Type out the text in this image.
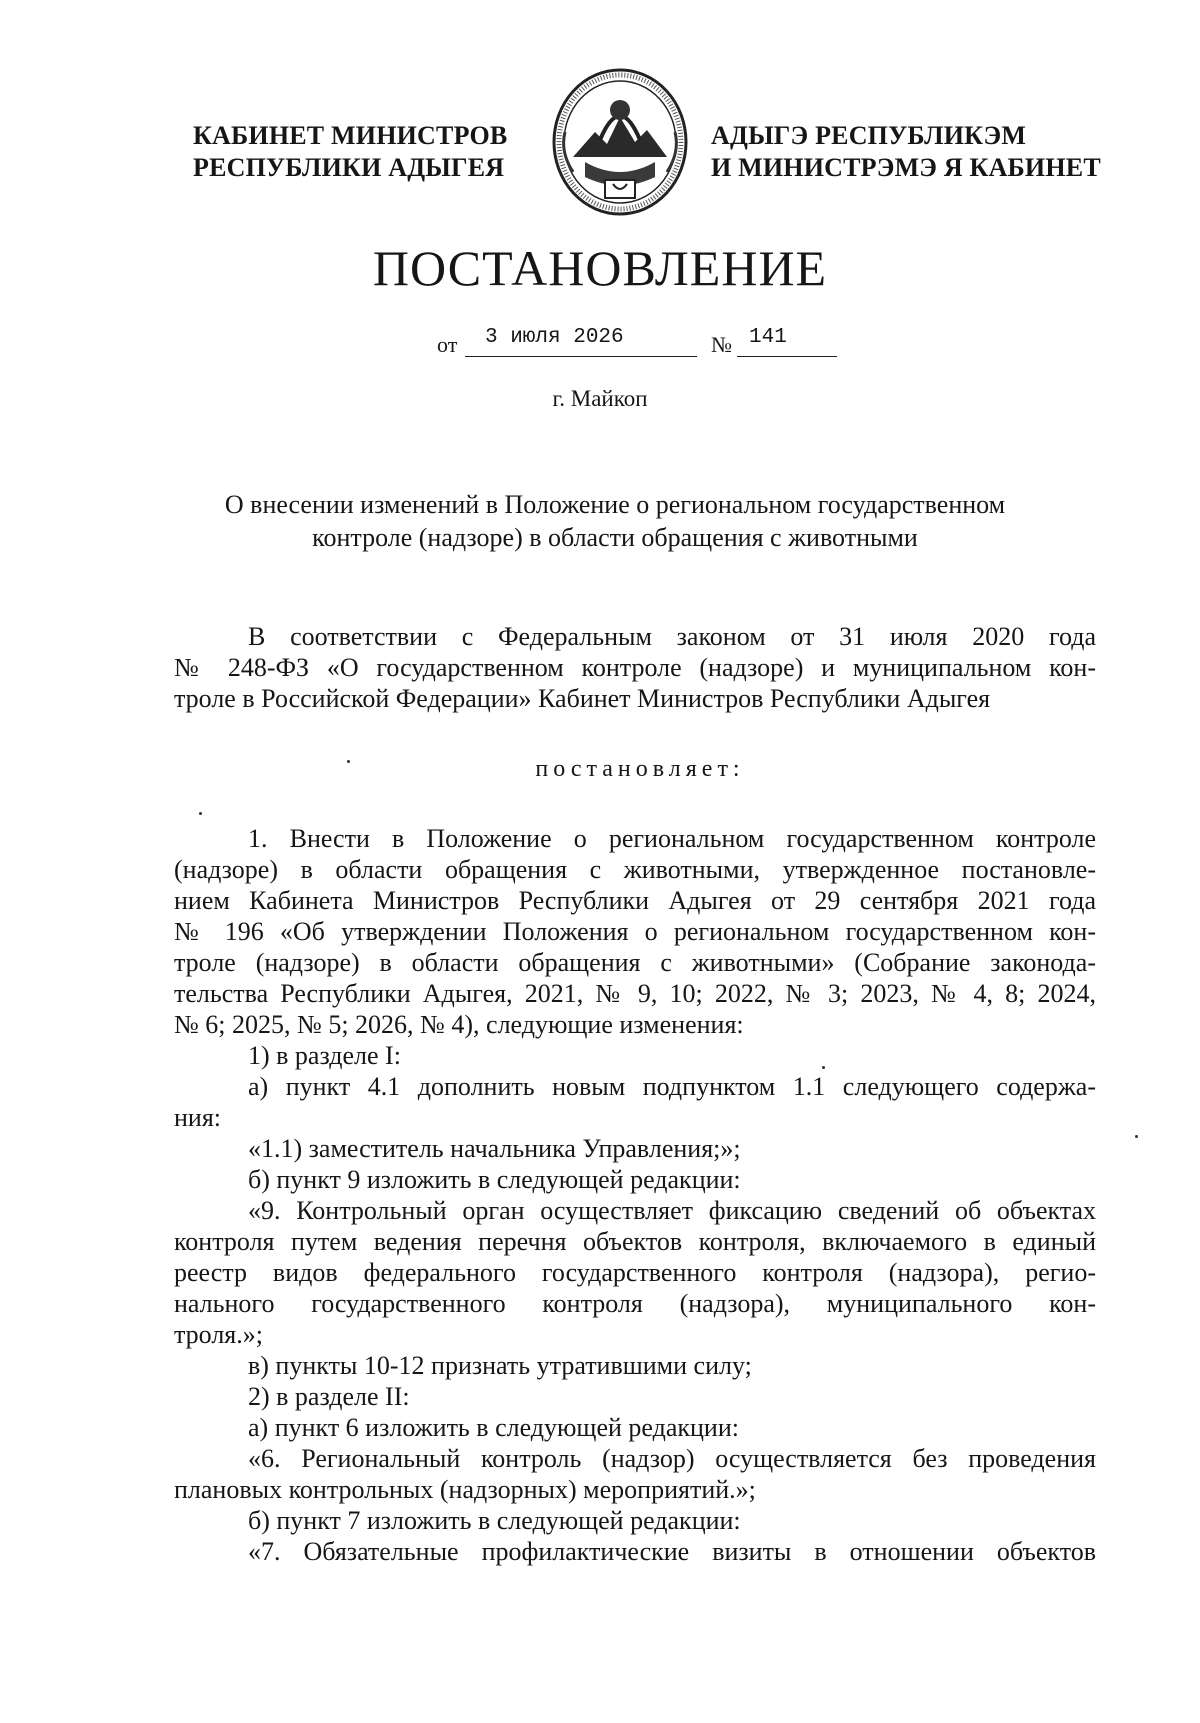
КАБИНЕТ МИНИСТРОВ
РЕСПУБЛИКИ АДЫГЕЯ
АДЫГЭ РЕСПУБЛИКЭМ
И МИНИСТРЭМЭ Я КАБИНЕТ
ПОСТАНОВЛЕНИЕ
от 3 июля 2026	№ 141
г. Майкоп
О внесении изменений в Положение о региональном государственном
контроле (надзоре) в области обращения с животными
В соответствии с Федеральным законом от 31 июля 2020 года
№ 248-ФЗ «О государственном контроле (надзоре) и муниципальном кон-
троле в Российской Федерации» Кабинет Министров Республики Адыгея
постановляет:
1. Внести в Положение о региональном государственном контроле
(надзоре) в области обращения с животными, утвержденное постановле-
нием Кабинета Министров Республики Адыгея от 29 сентября 2021 года
№ 196 «Об утверждении Положения о региональном государственном кон-
троле (надзоре) в области обращения с животными» (Собрание законода-
тельства Республики Адыгея, 2021, № 9, 10; 2022, № 3; 2023, № 4, 8; 2024,
№ 6; 2025, № 5; 2026, № 4), следующие изменения:
1) в разделе I:
а) пункт 4.1 дополнить новым подпунктом 1.1 следующего содержа-
ния:
«1.1) заместитель начальника Управления;»;
б) пункт 9 изложить в следующей редакции:
«9. Контрольный орган осуществляет фиксацию сведений об объектах
контроля путем ведения перечня объектов контроля, включаемого в единый
реестр видов федерального государственного контроля (надзора), регио-
нального государственного контроля (надзора), муниципального кон-
троля.»;
в) пункты 10-12 признать утратившими силу;
2) в разделе II:
а) пункт 6 изложить в следующей редакции:
«6. Региональный контроль (надзор) осуществляется без проведения
плановых контрольных (надзорных) мероприятий.»;
б) пункт 7 изложить в следующей редакции:
«7. Обязательные профилактические визиты в отношении объектов
